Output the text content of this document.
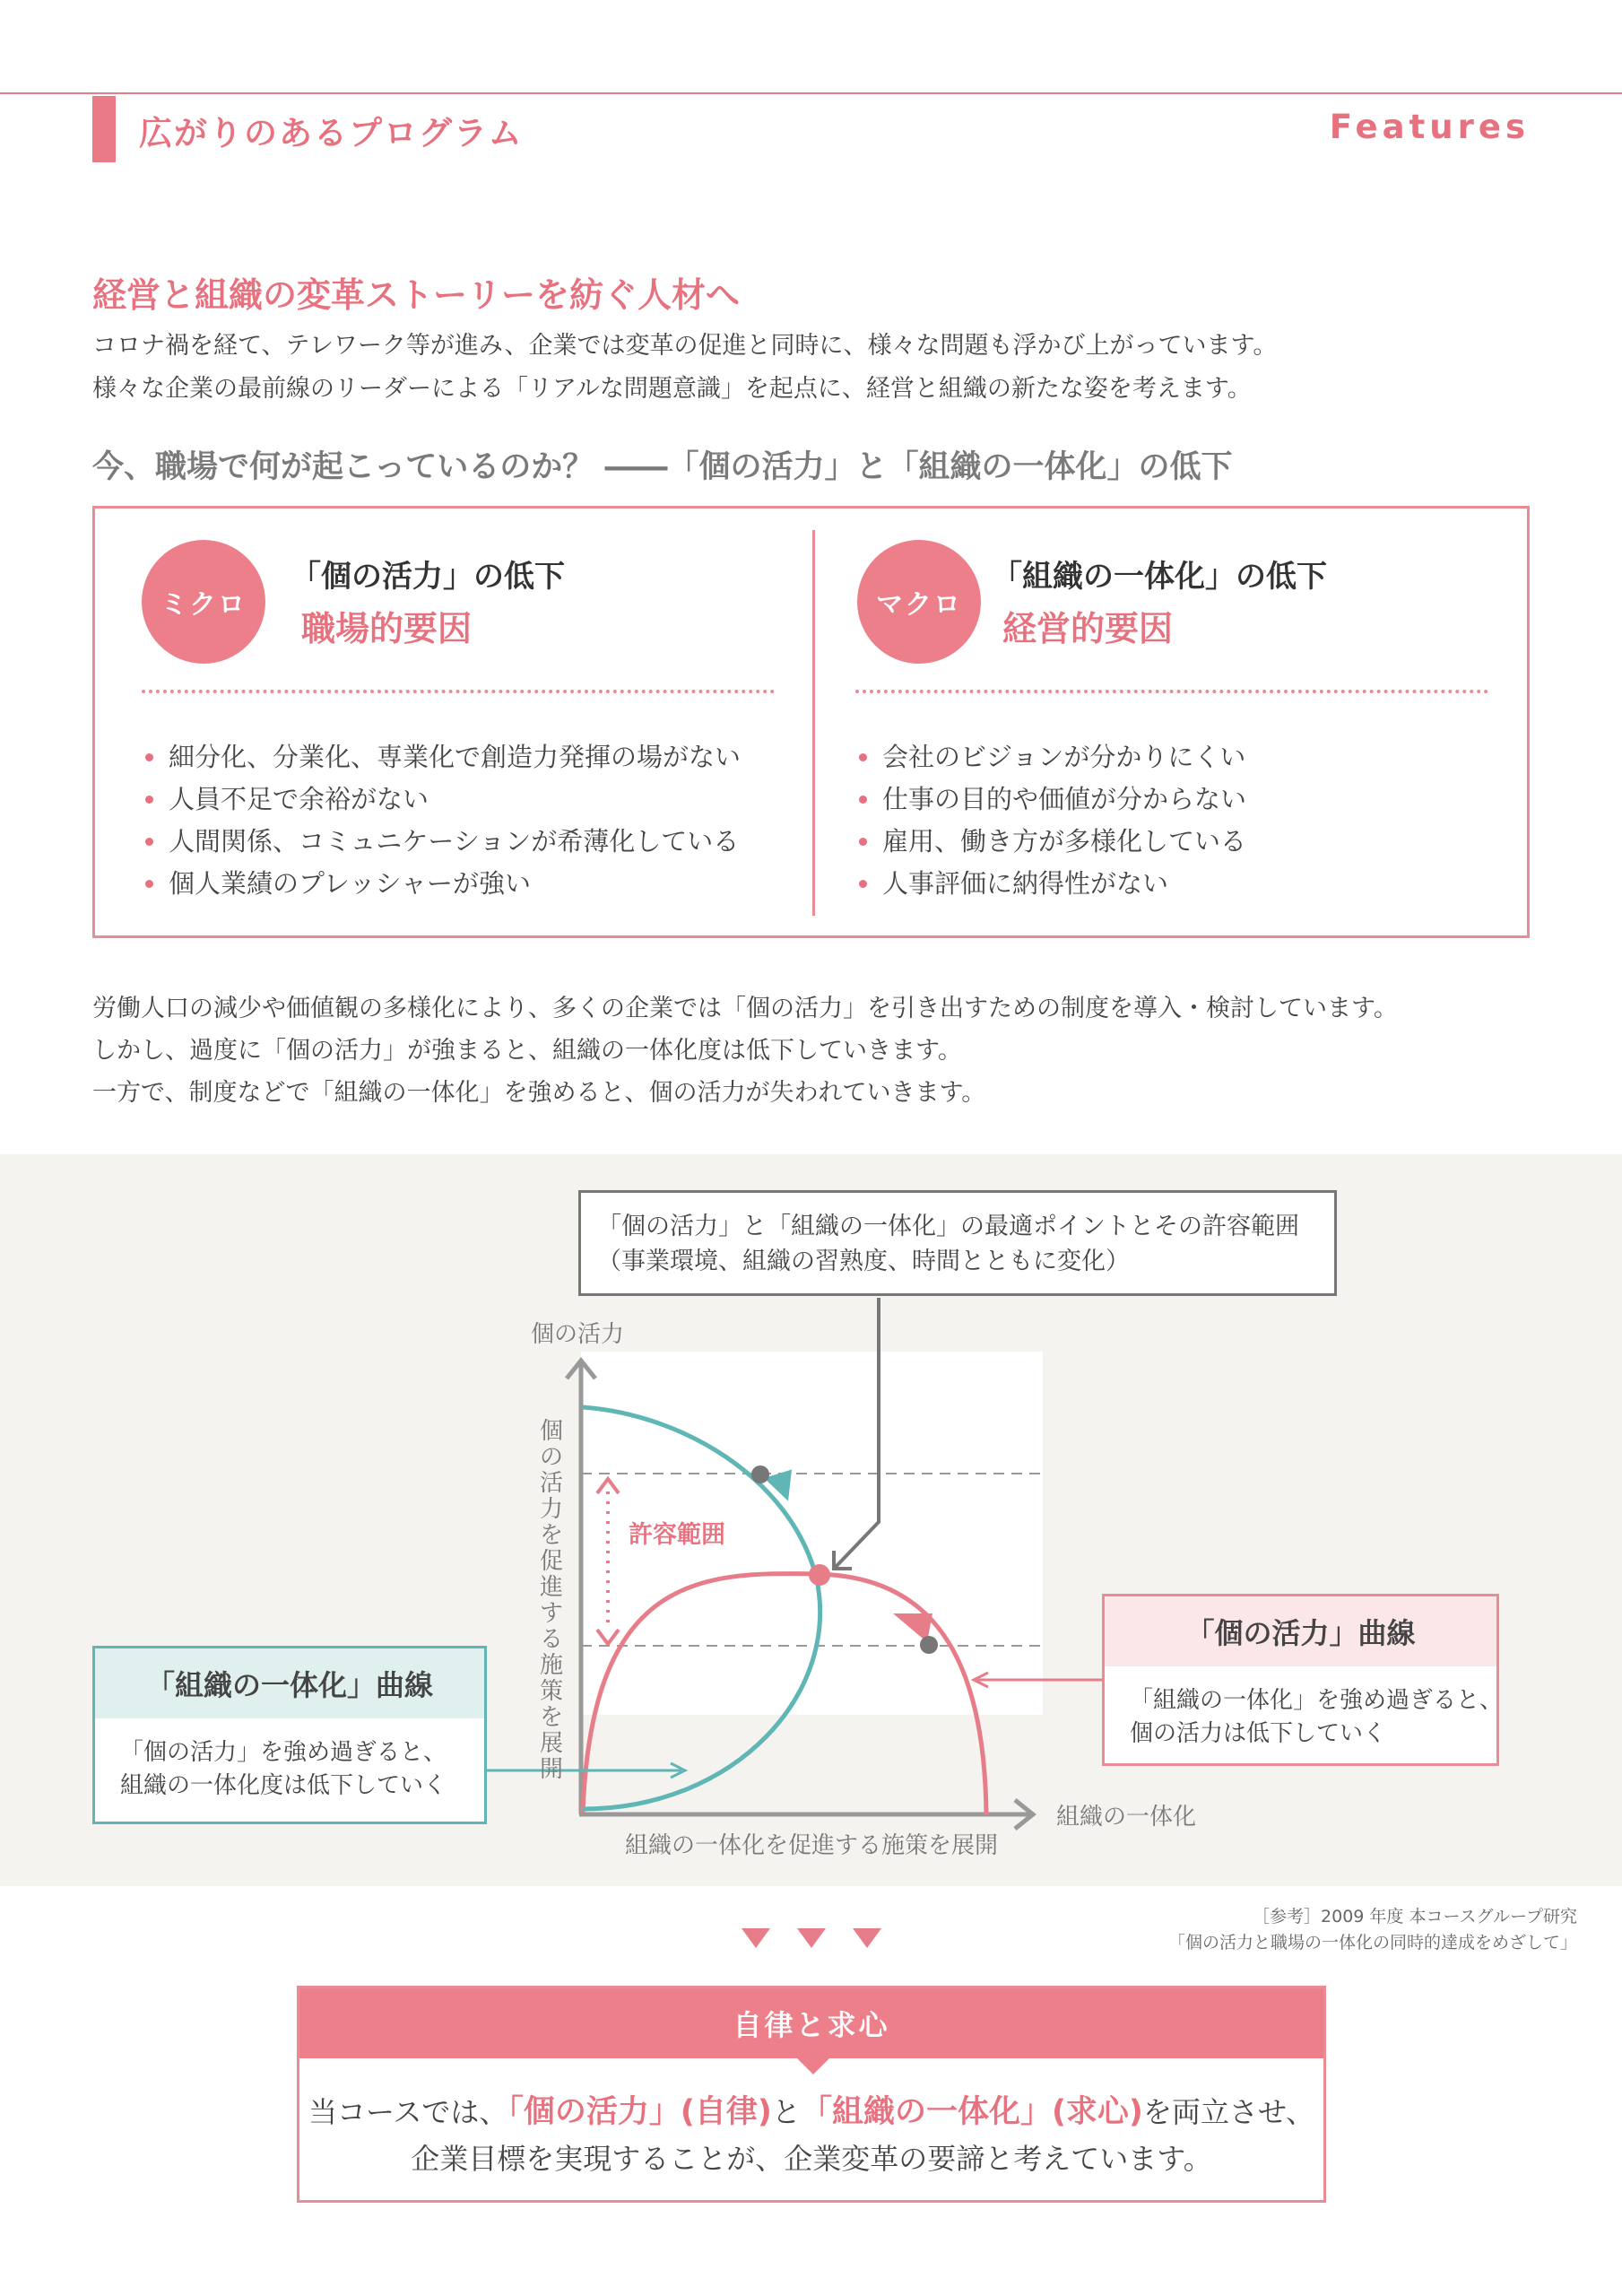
広がりのあるプログラム	Features
経営と組織の変革ストーリーを紡ぐ人材へ
コロナ禍を経て、テレワーク等が進み、企業では変革の促進と同時に、様々な問題も浮かび上がっています。
様々な企業の最前線のリーダーによる「リアルな問題意識」を起点に、経営と組織の新たな姿を考えます。
今、職場で何が起こっているのか？ ――「個の活力」と「組織の一体化」の低下
ミクロ
「個の活力」の低下
職場的要因
細分化、分業化、専業化で創造力発揮の場がない
人員不足で余裕がない
人間関係、コミュニケーションが希薄化している
個人業績のプレッシャーが強い
マクロ
「組織の一体化」の低下
経営的要因
会社のビジョンが分かりにくい
仕事の目的や価値が分からない
雇用、働き方が多様化している
人事評価に納得性がない
労働人口の減少や価値観の多様化により、多くの企業では「個の活力」を引き出すための制度を導入・検討しています。
しかし、過度に「個の活力」が強まると、組織の一体化度は低下していきます。
一方で、制度などで「組織の一体化」を強めると、個の活力が失われていきます。
「個の活力」と「組織の一体化」の最適ポイントとその許容範囲
（事業環境、組織の習熟度、時間とともに変化）
個の活力
組織の一体化
組織の一体化を促進する施策を展開
個
の
活
力
を
促
進
す
る
施
策
を
展
開
許容範囲
「組織の一体化」曲線
「個の活力」を強め過ぎると、
組織の一体化度は低下していく
「個の活力」曲線
「組織の一体化」を強め過ぎると、
個の活力は低下していく
［参考］2009 年度 本コースグループ研究
「個の活力と職場の一体化の同時的達成をめざして」
自律と求心
当コースでは、「個の活力」(自律)と「組織の一体化」(求心)を両立させ、
企業目標を実現することが、企業変革の要諦と考えています。
